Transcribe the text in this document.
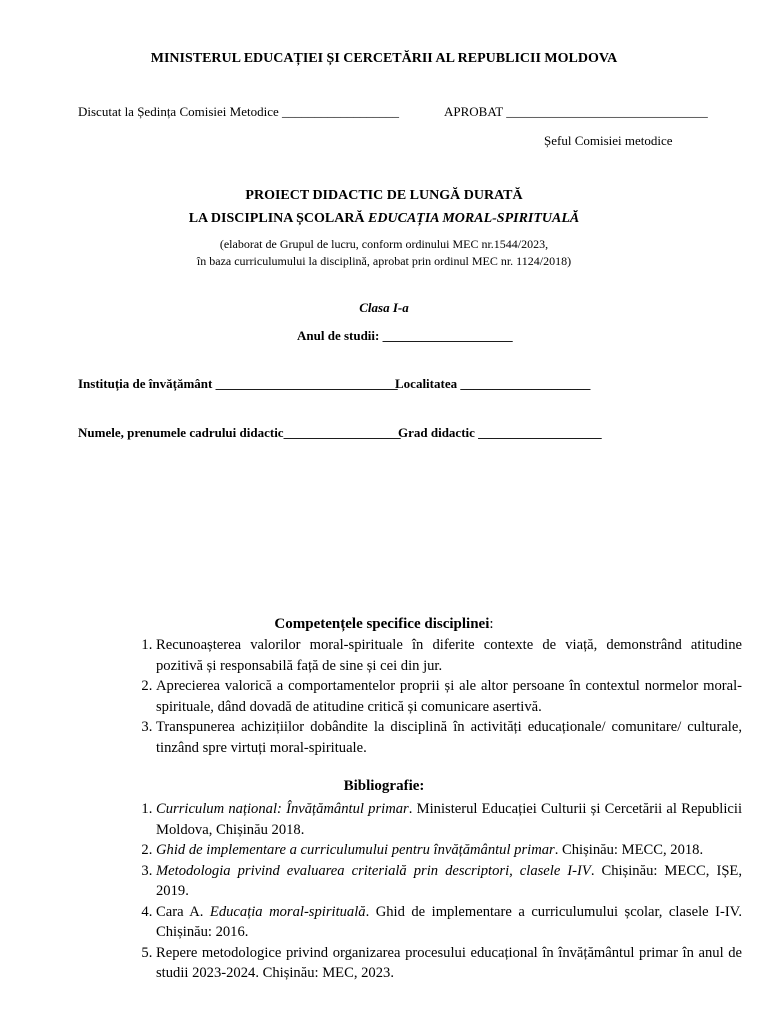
MINISTERUL EDUCAȚIEI ȘI CERCETĂRII AL REPUBLICII MOLDOVA
Discutat la Ședința Comisiei Metodice __________________	APROBAT _______________________________
Șeful Comisiei metodice
PROIECT DIDACTIC DE LUNGĂ DURATĂ
LA DISCIPLINA ȘCOLARĂ EDUCAȚIA MORAL-SPIRITUALĂ
(elaborat de Grupul de lucru, conform ordinului MEC nr.1544/2023,
în baza curriculumului la disciplină, aprobat prin ordinul MEC nr. 1124/2018)
Clasa I-a
Anul de studii: ____________________
Instituția de învățământ ____________________________
Localitatea ____________________
Numele, prenumele cadrului didactic__________________
Grad didactic ___________________
Competențele specifice disciplinei:
1. Recunoașterea valorilor moral-spirituale în diferite contexte de viață, demonstrând atitudine pozitivă și responsabilă față de sine și cei din jur.
2. Aprecierea valorică a comportamentelor proprii și ale altor persoane în contextul normelor moral-spirituale, dând dovadă de atitudine critică și comunicare asertivă.
3. Transpunerea achizițiilor dobândite la disciplină în activități educaționale/ comunitare/ culturale, tinzând spre virtuți moral-spirituale.
Bibliografie:
1. Curriculum național: Învățământul primar. Ministerul Educației Culturii și Cercetării al Republicii Moldova, Chișinău 2018.
2. Ghid de implementare a curriculumului pentru învățământul primar. Chișinău: MECC, 2018.
3. Metodologia privind evaluarea criterială prin descriptori, clasele I-IV. Chișinău: MECC, IȘE, 2019.
4. Cara A. Educația moral-spirituală. Ghid de implementare a curriculumului școlar, clasele I-IV. Chișinău: 2016.
5. Repere metodologice privind organizarea procesului educațional în învățământul primar în anul de studii 2023-2024. Chișinău: MEC, 2023.
